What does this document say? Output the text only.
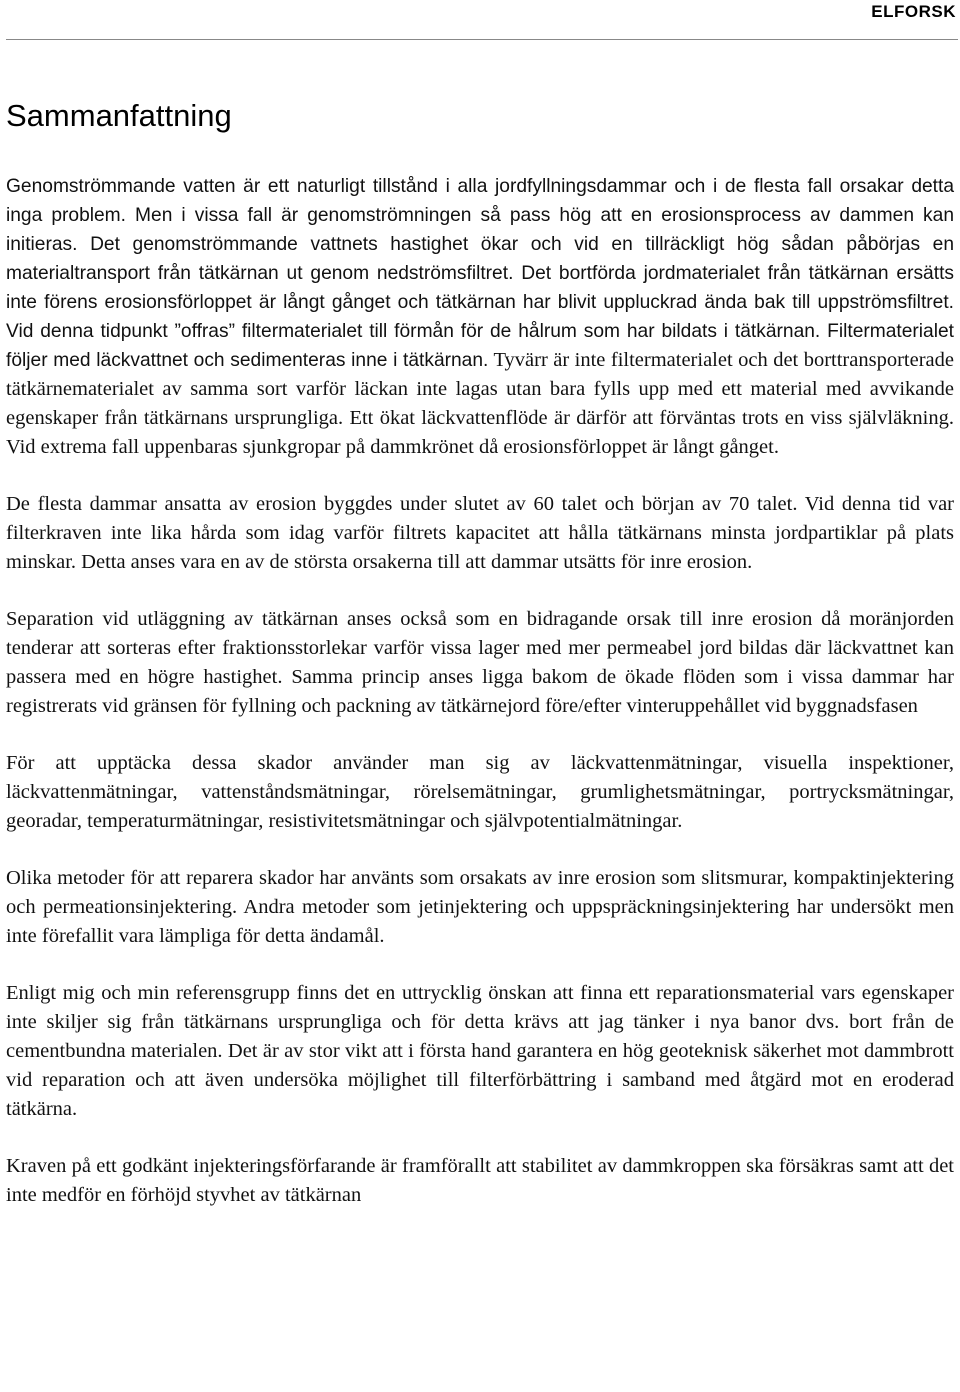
ELFORSK
Sammanfattning

Genomströmmande vatten är ett naturligt tillstånd i alla jordfyllningsdammar och i de flesta fall orsakar detta inga problem. Men i vissa fall är genomströmningen så pass hög att en erosionsprocess av dammen kan initieras. Det genomströmmande vattnets hastighet ökar och vid en tillräckligt hög sådan påbörjas en materialtransport från tätkärnan ut genom nedströmsfiltret. Det bortförda jordmaterialet från tätkärnan ersätts inte förens erosionsförloppet är långt gånget och tätkärnan har blivit uppluckrad ända bak till uppströmsfiltret. Vid denna tidpunkt ”offras” filtermaterialet till förmån för de hålrum som har bildats i tätkärnan. Filtermaterialet följer med läckvattnet och sedimenteras inne i tätkärnan. Tyvärr är inte filtermaterialet och det borttransporterade tätkärnematerialet av samma sort varför läckan inte lagas utan bara fylls upp med ett material med avvikande egenskaper från tätkärnans ursprungliga. Ett ökat läckvattenflöde är därför att förväntas trots en viss självläkning. Vid extrema fall uppenbaras sjunkgropar på dammkrönet då erosionsförloppet är långt gånget.

De flesta dammar ansatta av erosion byggdes under slutet av 60 talet och början av 70 talet. Vid denna tid var filterkraven inte lika hårda som idag varför filtrets kapacitet att hålla tätkärnans minsta jordpartiklar på plats minskar. Detta anses vara en av de största orsakerna till att dammar utsätts för inre erosion.

Separation vid utläggning av tätkärnan anses också som en bidragande orsak till inre erosion då moränjorden tenderar att sorteras efter fraktionsstorlekar varför vissa lager med mer permeabel jord bildas där läckvattnet kan passera med en högre hastighet. Samma princip anses ligga bakom de ökade flöden som i vissa dammar har registrerats vid gränsen för fyllning och packning av tätkärnejord före/efter vinteruppehållet vid byggnadsfasen

För att upptäcka dessa skador använder man sig av läckvattenmätningar, visuella inspektioner, läckvattenmätningar, vattenståndsmätningar, rörelsemätningar, grumlighetsmätningar, portrycksmätningar, georadar, temperaturmätningar, resistivitetsmätningar och självpotentialmätningar.

Olika metoder för att reparera skador har använts som orsakats av inre erosion som slitsmurar, kompaktinjektering och permeationsinjektering. Andra metoder som jetinjektering och uppspräckningsinjektering har undersökt men inte förefallit vara lämpliga för detta ändamål.

Enligt mig och min referensgrupp finns det en uttrycklig önskan att finna ett reparationsmaterial vars egenskaper inte skiljer sig från tätkärnans ursprungliga och för detta krävs att jag tänker i nya banor dvs. bort från de cementbundna materialen. Det är av stor vikt att i första hand garantera en hög geoteknisk säkerhet mot dammbrott vid reparation och att även undersöka möjlighet till filterförbättring i samband med åtgärd mot en eroderad tätkärna.

Kraven på ett godkänt injekteringsförfarande är framförallt att stabilitet av dammkroppen ska försäkras samt att det inte medför en förhöjd styvhet av tätkärnan
